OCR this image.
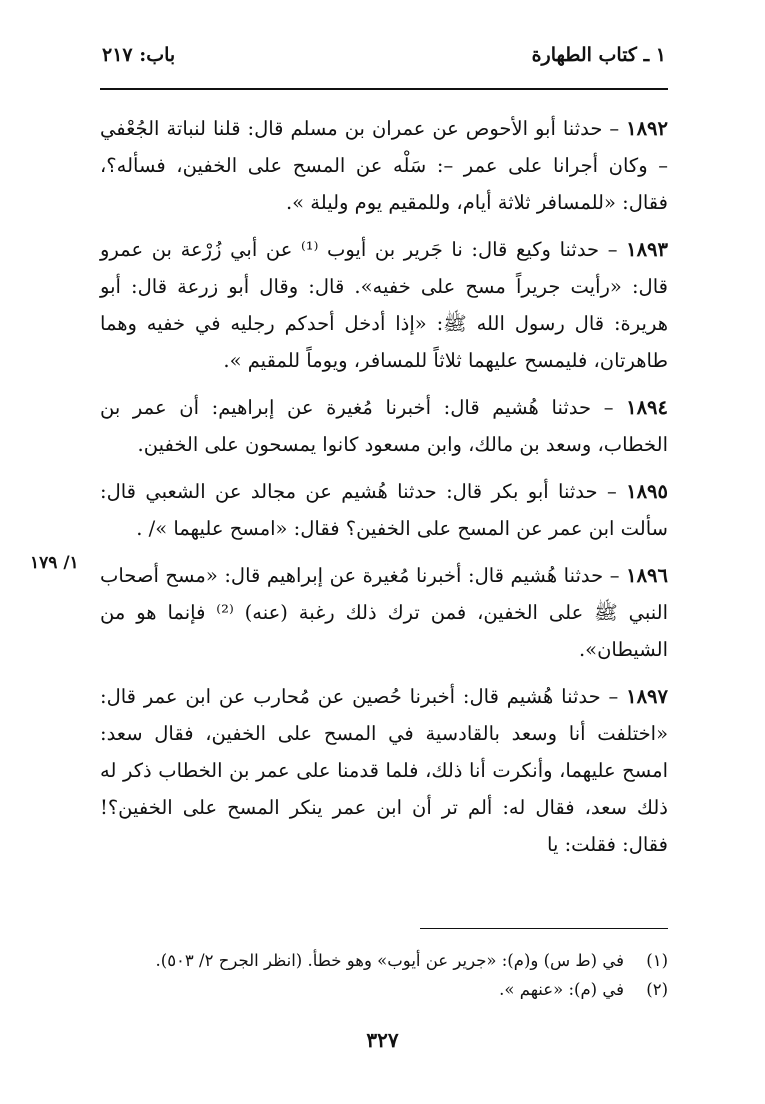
١ ـ كتاب الطهارة
باب: ٢١٧

١٨٩٢ – حدثنا أبو الأحوص عن عمران بن مسلم قال: قلنا لنباتة الجُعْفي – وكان أجرانا على عمر –: سَلْه عن المسح على الخفين، فسأله؟، فقال: «للمسافر ثلاثة أيام، وللمقيم يوم وليلة ».

١٨٩٣ – حدثنا وكيع قال: نا جَرير بن أيوب ⁽¹⁾ عن أبي زُرْعة بن عمرو قال: «رأيت جريراً مسح على خفيه». قال: وقال أبو زرعة قال: أبو هريرة: قال رسول الله ﷺ: «إذا أدخل أحدكم رجليه في خفيه وهما طاهرتان، فليمسح عليهما ثلاثاً للمسافر، ويوماً للمقيم ».

١٨٩٤ – حدثنا هُشيم قال: أخبرنا مُغيرة عن إبراهيم: أن عمر بن الخطاب، وسعد بن مالك، وابن مسعود كانوا يمسحون على الخفين.

١٨٩٥ – حدثنا أبو بكر قال: حدثنا هُشيم عن مجالد عن الشعبي قال: سألت ابن عمر عن المسح على الخفين؟ فقال: «امسح عليهما »/ .

١٨٩٦ – حدثنا هُشيم قال: أخبرنا مُغيرة عن إبراهيم قال: «مسح أصحاب النبي ﷺ على الخفين، فمن ترك ذلك رغبة (عنه) ⁽²⁾ فإنما هو من الشيطان».

١٨٩٧ – حدثنا هُشيم قال: أخبرنا حُصين عن مُحارب عن ابن عمر قال: «اختلفت أنا وسعد بالقادسية في المسح على الخفين، فقال سعد: امسح عليهما، وأنكرت أنا ذلك، فلما قدمنا على عمر بن الخطاب ذكر له ذلك سعد، فقال له: ألم تر أن ابن عمر ينكر المسح على الخفين؟! فقال: فقلت: يا

١/ ١٧٩
(١)في (ط س) و(م): «جرير عن أيوب» وهو خطأ. (انظر الجرح ٢/ ٥٠٣).
(٢)في (م): «عنهم ».
٣٢٧
